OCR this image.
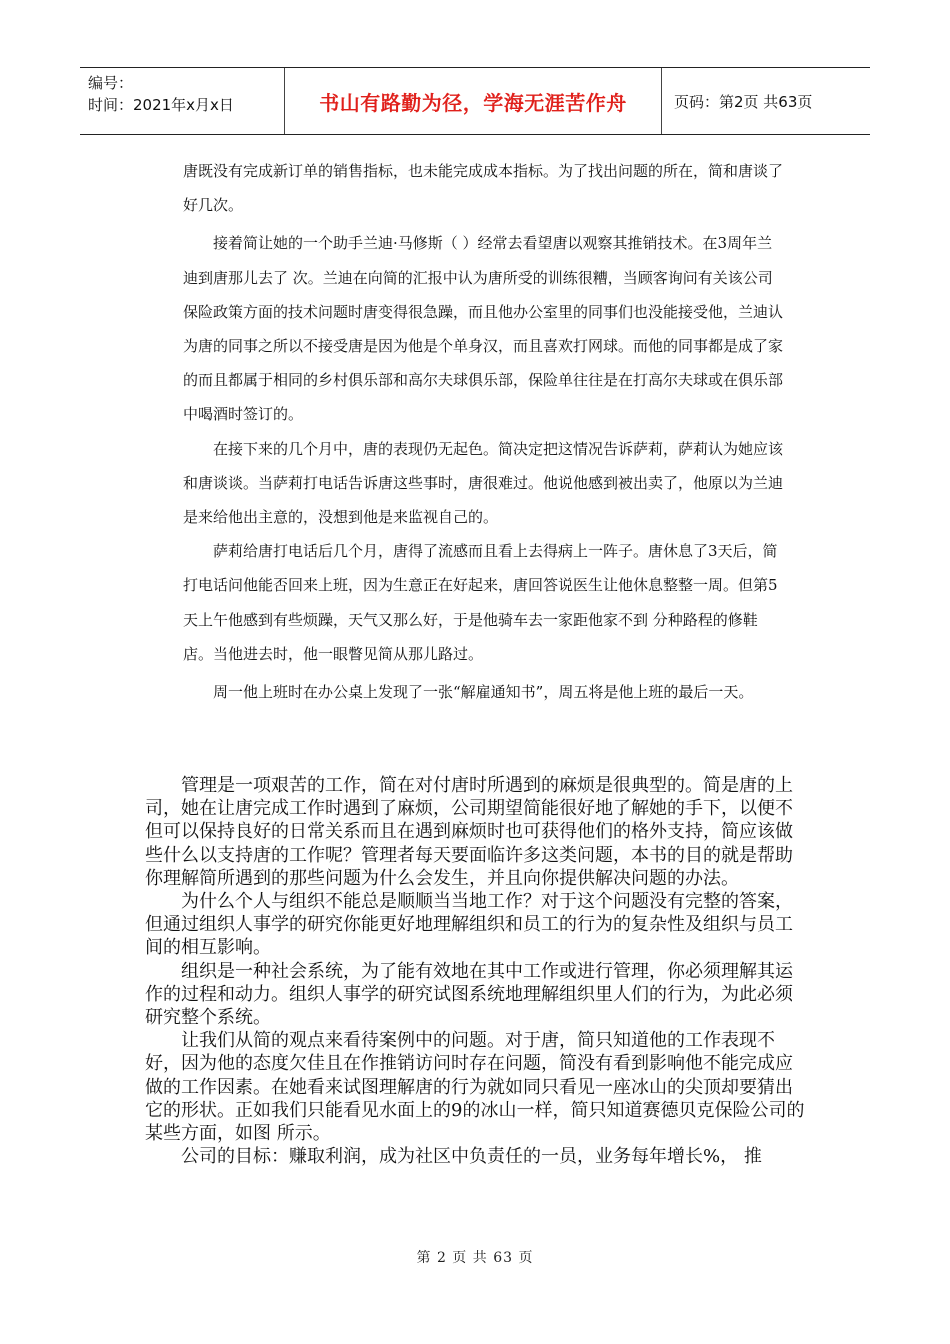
编号：
时间：2021年x月x日	书山有路勤为径，学海无涯苦作舟	页码：第2页 共63页

唐既没有完成新订单的销售指标，也未能完成成本指标。为了找出问题的所在，简和唐谈了好几次。

接着简让她的一个助手兰迪·马修斯（ ）经常去看望唐以观察其推销技术。在3周年兰迪到唐那儿去了 次。兰迪在向简的汇报中认为唐所受的训练很糟，当顾客询问有关该公司保险政策方面的技术问题时唐变得很急躁，而且他办公室里的同事们也没能接受他，兰迪认为唐的同事之所以不接受唐是因为他是个单身汉，而且喜欢打网球。而他的同事都是成了家的而且都属于相同的乡村俱乐部和高尔夫球俱乐部，保险单往往是在打高尔夫球或在俱乐部中喝酒时签订的。

在接下来的几个月中，唐的表现仍无起色。简决定把这情况告诉萨莉，萨莉认为她应该和唐谈谈。当萨莉打电话告诉唐这些事时，唐很难过。他说他感到被出卖了，他原以为兰迪是来给他出主意的，没想到他是来监视自己的。

萨莉给唐打电话后几个月，唐得了流感而且看上去得病上一阵子。唐休息了3天后，简打电话问他能否回来上班，因为生意正在好起来，唐回答说医生让他休息整整一周。但第5天上午他感到有些烦躁，天气又那么好，于是他骑车去一家距他家不到 分种路程的修鞋店。当他进去时，他一眼瞥见简从那儿路过。

周一他上班时在办公桌上发现了一张“解雇通知书”，周五将是他上班的最后一天。

管理是一项艰苦的工作，简在对付唐时所遇到的麻烦是很典型的。简是唐的上司，她在让唐完成工作时遇到了麻烦，公司期望简能很好地了解她的手下，以便不但可以保持良好的日常关系而且在遇到麻烦时也可获得他们的格外支持，简应该做些什么以支持唐的工作呢？管理者每天要面临许多这类问题，本书的目的就是帮助你理解简所遇到的那些问题为什么会发生，并且向你提供解决问题的办法。

为什么个人与组织不能总是顺顺当当地工作？对于这个问题没有完整的答案，但通过组织人事学的研究你能更好地理解组织和员工的行为的复杂性及组织与员工间的相互影响。

组织是一种社会系统，为了能有效地在其中工作或进行管理，你必须理解其运作的过程和动力。组织人事学的研究试图系统地理解组织里人们的行为，为此必须研究整个系统。

让我们从简的观点来看待案例中的问题。对于唐，简只知道他的工作表现不好，因为他的态度欠佳且在作推销访问时存在问题，简没有看到影响他不能完成应做的工作因素。在她看来试图理解唐的行为就如同只看见一座冰山的尖顶却要猜出它的形状。正如我们只能看见水面上的9的冰山一样，简只知道赛德贝克保险公司的某些方面，如图 所示。

公司的目标：赚取利润，成为社区中负责任的一员，业务每年增长%， 推

第 2 页 共 63 页
